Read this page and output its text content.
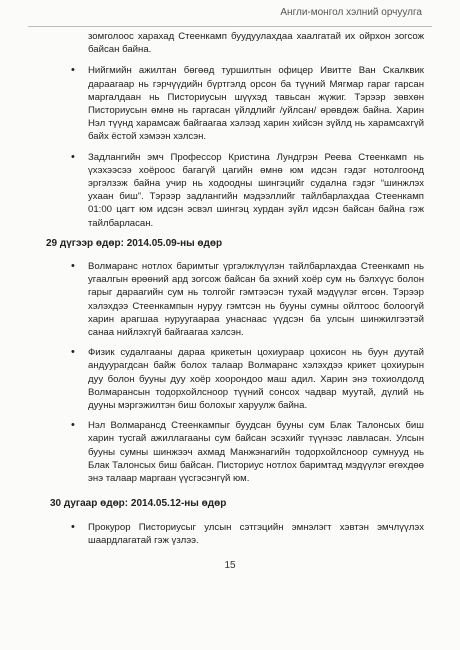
Англи-монгол хэлний орчуулга

зомголоос харахад Стеенкамп буудуулахдаа хаалгатай их ойрхон зогсож байсан байна.

• Нийгмийн ажилтан бөгөөд туршилтын офицер Ивитте Ван Скалквик дараагаар нь гэрчүүдийн бүртгэлд орсон ба түүний Мягмар гараг гарсан маргалдаан нь Писториусын шүүхэд тавьсан жүжиг. Тэрээр зөвхөн Писториусын өмнө нь гаргасан үйлдлийг /уйлсан/ өрөвдөж байна. Харин Нэл түүнд харамсаж байгаагаа хэлээд харин хийсэн зүйлд нь харамсахгүй байх ёстой хэмээн хэлсэн.
• Задлангийн эмч Профессор Кристина Лундгрэн Реева Стеенкамп нь үхэхээсээ хоёроос багагүй цагийн өмнө юм идсэн гэдэг нотолгоонд эргэлзэж байна учир нь ходоодны шингэцийг судална гэдэг “шинжлэх ухаан биш”. Тэрээр задлангийн мэдээллийг тайлбарлахдаа Стеенкамп 01:00 цагт юм идсэн эсвэл шингэц хурдан зүйл идсэн байсан байна гэж тайлбарласан.
29 дүгээр өдөр: 2014.05.09-ны өдөр
• Волмаранс нотлох баримтыг үргэлжлүүлэн тайлбарлахдаа Стеенкамп нь угаалгын өрөөний ард зогсож байсан ба эхний хоёр сум нь бэлхүүс болон гарыг дараагийн сум нь толгойг гэмтээсэн тухай мэдүүлэг өгсөн. Тэрээр хэлэхдээ Стеенкампын нуруу гэмтсэн нь бууны сумны ойлтоос болоогүй харин арагшаа нуруугаараа унаснаас үүдсэн ба улсын шинжилгээтэй санаа нийлэхгүй байгаагаа хэлсэн.
• Физик судалгааны дараа крикетын цохиураар цохисон нь буун дуутай андуурагдсан байж болох талаар Волмаранс хэлэхдээ крикет цохиурын дуу болон бууны дуу хоёр хоорондоо маш адил. Харин энэ тохиолдолд Волмарансын тодорхойлсноор түүний сонсох чадвар муутай, дүлий нь дууны мэргэжилтэн биш болохыг харуулж байна.
• Нэл Волмарансд Стеенкампыг буудсан бууны сум Блак Талонсых биш харин тусгай ажиллагааны сум байсан эсэхийг түүнээс лавласан. Улсын бууны сумны шинжээч ахмад Манжэнагийн тодорхойлсноор сумнууд нь Блак Талонсых биш байсан. Писториус нотлох баримтад мэдүүлэг өгөхдөө энэ талаар маргаан үүсгэсэнгүй юм.
30 дугаар өдөр: 2014.05.12-ны өдөр
• Прокурор Писториусыг улсын сэтгэцийн эмнэлэгт хэвтэн эмчлүүлэх шаардлагатай гэж үзлээ.
15
